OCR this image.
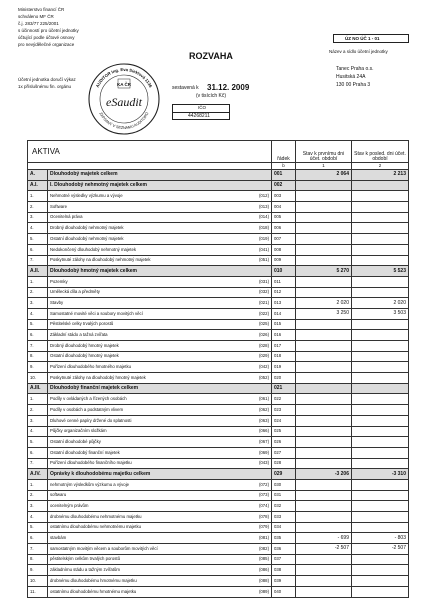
Ministerstvo financí ČR
schváleno MF ČR
č.j. 283/77 225/2001
s účinností pro účetní jednotky
účtující podle účtové osnovy
pro nevýdělečné organizace
Účetní jednotka doručí výkaz
1x příslušnému fin. orgánu	AUDITOR Ing. Eva Sieklová 1136
ZAPSANÝ V SEZNAMU AUDITORŮ
KA ČR
eSaudit
ROZVAHA
sestavená k 31.12. 2009
(v tisících Kč)
IČO
44268211
ÚZ NO ÚČ 1 - 01
Název a sídlo účetní jednotky
Tanec Praha o.s.
Husitská 24A
130 00 Praha 3
AKTIVA		řádek	Stav k prvnímu dni účet. období	Stav k posled. dni účet. období
		b	1	2
A.	Dlouhodobý majetek celkem	001	2 064	2 213
A.I.	I. Dlouhodobý nehmotný majetek celkem	002		
1.	Nehmotné výsledky výzkumu a vývoje (012)	003		
2.	Software (013)	004		
3.	Ocenitelná práva (014)	005		
4.	Drobný dlouhodobý nehmotný majetek (018)	006		
5.	Ostatní dlouhodobý nehmotný majetek (019)	007		
6.	Nedokončený dlouhodobý nehmotný majetek (041)	008		
7.	Poskytnuté zálohy na dlouhodobý nehmotný majetek (051)	009		
A.II.	Dlouhodobý hmotný majetek celkem	010	5 270	5 523
1.	Pozemky (031)	011		
2.	Umělecká díla a předměty (032)	012		
3.	Stavby (021)	013	2 020	2 020
4.	Samostatné movité věci a soubory movitých věcí (022)	014	3 250	3 503
5.	Pěstitelské celky trvalých porostů (025)	015		
6.	Základní stádo a tažná zvířata (026)	016		
7.	Drobný dlouhodobý hmotný majetek (028)	017		
8.	Ostatní dlouhodobý hmotný majetek (029)	018		
9.	Pořízení dlouhodobého hmotného majetku (042)	019		
10.	Poskytnuté zálohy na dlouhodobý hmotný majetek (052)	020		
A.III.	Dlouhodobý finanční majetek celkem	021		
1.	Podíly v ovládaných a řízených osobách (061)	022		
2.	Podíly v osobách a podstatným vlivem (062)	023		
3.	Dluhové cenné papíry držené do splatnosti (063)	024		
4.	Půjčky organizačním složkám (066)	025		
5.	Ostatní dlouhodobé půjčky (067)	026		
6.	Ostatní dlouhodobý finanční majetek (069)	027		
7.	Pořízení dlouhodobého finančního majetku (043)	028		
A.IV.	Oprávky k dlouhodobému majetku celkem	029	-3 206	-3 310
1.	nehmotným výsledkům výzkumu a vývoje (072)	030		
2.	softwaru (073)	031		
3.	ocenitelným právům (074)	032		
4.	drobnému dlouhodobému nehmotnému majetku (078)	033		
5.	ostatnímu dlouhodobému nehmotnému majetku (079)	034		
6.	stavbám (081)	035	- 699	- 803
7.	samostatným movitým věcem a souborům movitých věcí (082)	036	-2 507	-2 507
8.	pěstitelským celkům trvalých porostů (085)	037		
9.	základnímu stádu a tažným zvířatům (086)	038		
10.	drobnému dlouhodobému hmotnému majetku (088)	039		
11.	ostatnímu dlouhodobému hmotnému majetku (089)	040		
